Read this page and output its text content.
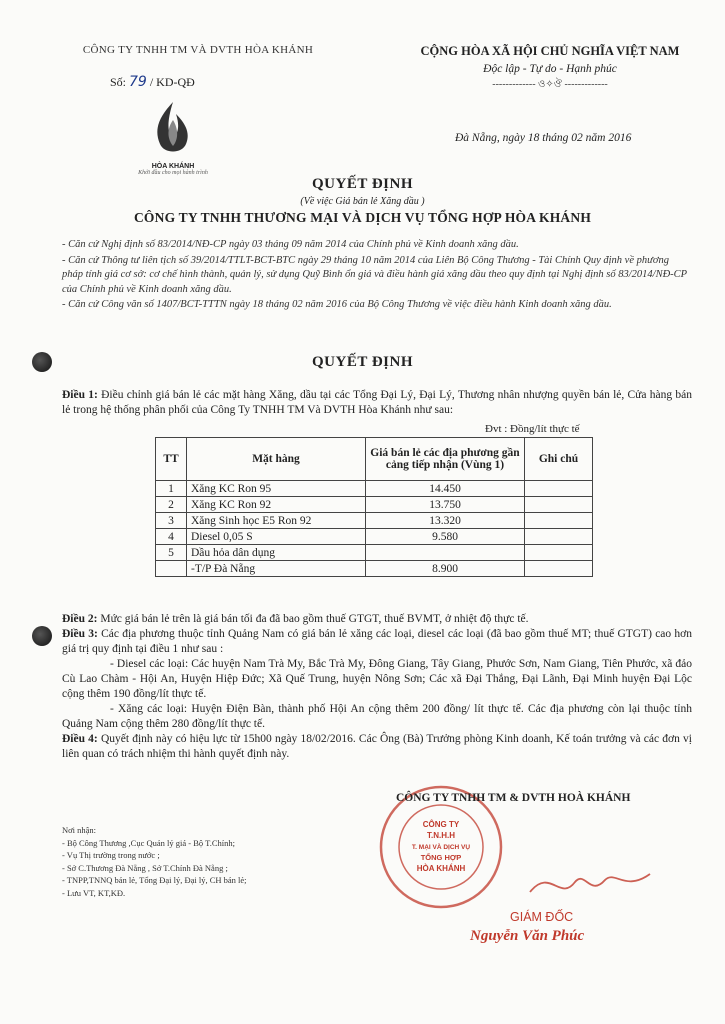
CÔNG TY TNHH TM VÀ DVTH HÒA KHÁNH	CỘNG HÒA XÃ HỘI CHỦ NGHĨA VIỆT NAM
Độc lập - Tự do - Hạnh phúc
------------- ও✧ঔ -------------
Số: 79 / KD-QĐ
HÒA KHÁNH
Khởi đầu cho mọi hành trình
Đà Nẵng, ngày 18 tháng 02 năm 2016
QUYẾT ĐỊNH
(Về việc Giá bán lẻ Xăng dầu )
CÔNG TY TNHH THƯƠNG MẠI VÀ DỊCH VỤ TỔNG HỢP HÒA KHÁNH

- Căn cứ Nghị định số 83/2014/NĐ-CP ngày 03 tháng 09 năm 2014 của Chính phủ về Kinh doanh xăng dầu.

- Căn cứ Thông tư liên tịch số 39/2014/TTLT-BCT-BTC ngày 29 tháng 10 năm 2014 của Liên Bộ Công Thương - Tài Chính Quy định về phương pháp tính giá cơ sở: cơ chế hình thành, quản lý, sử dụng Quỹ Bình ổn giá và điều hành giá xăng dầu theo quy định tại Nghị định số 83/2014/NĐ-CP của Chính phủ về Kinh doanh xăng dầu.

- Căn cứ Công văn số 1407/BCT-TTTN ngày 18 tháng 02 năm 2016 của Bộ Công Thương về việc điều hành Kinh doanh xăng dầu.

QUYẾT ĐỊNH
Điều 1: Điều chỉnh giá bán lẻ các mặt hàng Xăng, dầu tại các Tổng Đại Lý, Đại Lý, Thương nhân nhượng quyền bán lẻ, Cửa hàng bán lẻ trong hệ thống phân phối của Công Ty TNHH TM Và DVTH Hòa Khánh như sau:
Đvt : Đồng/lít thực tế
TT	Mặt hàng	Giá bán lẻ các địa phương gần cảng tiếp nhận (Vùng 1)	Ghi chú
1	Xăng KC Ron 95	14.450	
2	Xăng KC Ron 92	13.750	
3	Xăng Sinh học E5 Ron 92	13.320	
4	Diesel 0,05 S	9.580	
5	Dầu hỏa dân dụng		
	-T/P Đà Nẵng	8.900	

Điều 2: Mức giá bán lẻ trên là giá bán tối đa đã bao gồm thuế GTGT, thuế BVMT, ở nhiệt độ thực tế.

Điều 3: Các địa phương thuộc tỉnh Quảng Nam có giá bán lẻ xăng các loại, diesel các loại (đã bao gồm thuế MT; thuế GTGT) cao hơn giá trị quy định tại điều 1 như sau :

- Diesel các loại: Các huyện Nam Trà My, Bắc Trà My, Đông Giang, Tây Giang, Phước Sơn, Nam Giang, Tiên Phước, xã đảo Cù Lao Chàm - Hội An, Huyện Hiệp Đức; Xã Quế Trung, huyện Nông Sơn; Các xã Đại Thắng, Đại Lãnh, Đại Minh huyện Đại Lộc cộng thêm 190 đồng/lít thực tế.

- Xăng các loại: Huyện Điện Bàn, thành phố Hội An cộng thêm 200 đồng/ lít thực tế. Các địa phương còn lại thuộc tỉnh Quảng Nam cộng thêm 280 đồng/lít thực tế.

Điều 4: Quyết định này có hiệu lực từ 15h00 ngày 18/02/2016. Các Ông (Bà) Trưởng phòng Kinh doanh, Kế toán trưởng và các đơn vị liên quan có trách nhiệm thi hành quyết định này.

Nơi nhận:
- Bộ Công Thương ,Cục Quản lý giá - Bộ T.Chính;
- Vụ Thị trường trong nước ;
- Sở C.Thương Đà Nẵng , Sở T.Chính Đà Nẵng ;
- TNPP,TNNQ bán lẻ, Tổng Đại lý, Đại lý, CH bán lẻ;
- Lưu VT, KT,KĐ.
CÔNG TY
T.N.H.H
T. MẠI VÀ DỊCH VỤ
TỔNG HỢP
HÒA KHÁNH
CÔNG TY TNHH TM & DVTH HOÀ KHÁNH
GIÁM ĐỐC
Nguyễn Văn Phúc
